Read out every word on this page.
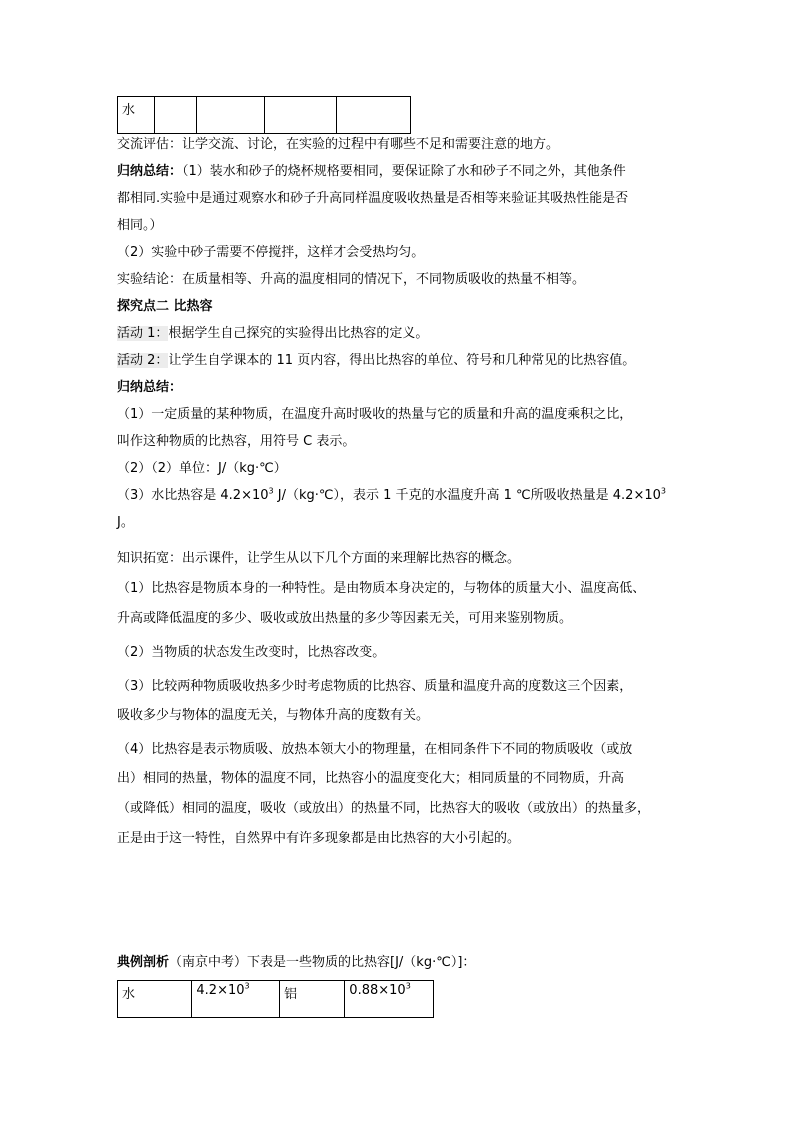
水				

交流评估：让学交流、讨论，在实验的过程中有哪些不足和需要注意的地方。

归纳总结：（1）装水和砂子的烧杯规格要相同，要保证除了水和砂子不同之外，其他条件

都相同.实验中是通过观察水和砂子升高同样温度吸收热量是否相等来验证其吸热性能是否

相同。）

（2）实验中砂子需要不停搅拌，这样才会受热均匀。

实验结论：在质量相等、升高的温度相同的情况下，不同物质吸收的热量不相等。

探究点二 比热容

活动 1：根据学生自己探究的实验得出比热容的定义。

活动 2：让学生自学课本的 11 页内容，得出比热容的单位、符号和几种常见的比热容值。

归纳总结：

（1）一定质量的某种物质，在温度升高时吸收的热量与它的质量和升高的温度乘积之比，

叫作这种物质的比热容，用符号 C 表示。

（2）（2）单位：J/（kg·℃）

（3）水比热容是 $4.2\times 10^3$ J/（kg·℃），表示 1 千克的水温度升高 1 ℃所吸收热量是 $4.2\times 10^3$

J。

知识拓宽：出示课件，让学生从以下几个方面的来理解比热容的概念。

（1）比热容是物质本身的一种特性。是由物质本身决定的，与物体的质量大小、温度高低、

升高或降低温度的多少、吸收或放出热量的多少等因素无关，可用来鉴别物质。

（2）当物质的状态发生改变时，比热容改变。

（3）比较两种物质吸收热多少时考虑物质的比热容、质量和温度升高的度数这三个因素，

吸收多少与物体的温度无关，与物体升高的度数有关。

（4）比热容是表示物质吸、放热本领大小的物理量，在相同条件下不同的物质吸收（或放

出）相同的热量，物体的温度不同，比热容小的温度变化大；相同质量的不同物质，升高

（或降低）相同的温度，吸收（或放出）的热量不同，比热容大的吸收（或放出）的热量多，

正是由于这一特性，自然界中有许多现象都是由比热容的大小引起的。

典例剖析（南京中考）下表是一些物质的比热容[J/（kg·℃）]：

水	$4.2\times 10^3$	铝	$0.88\times 10^3$
